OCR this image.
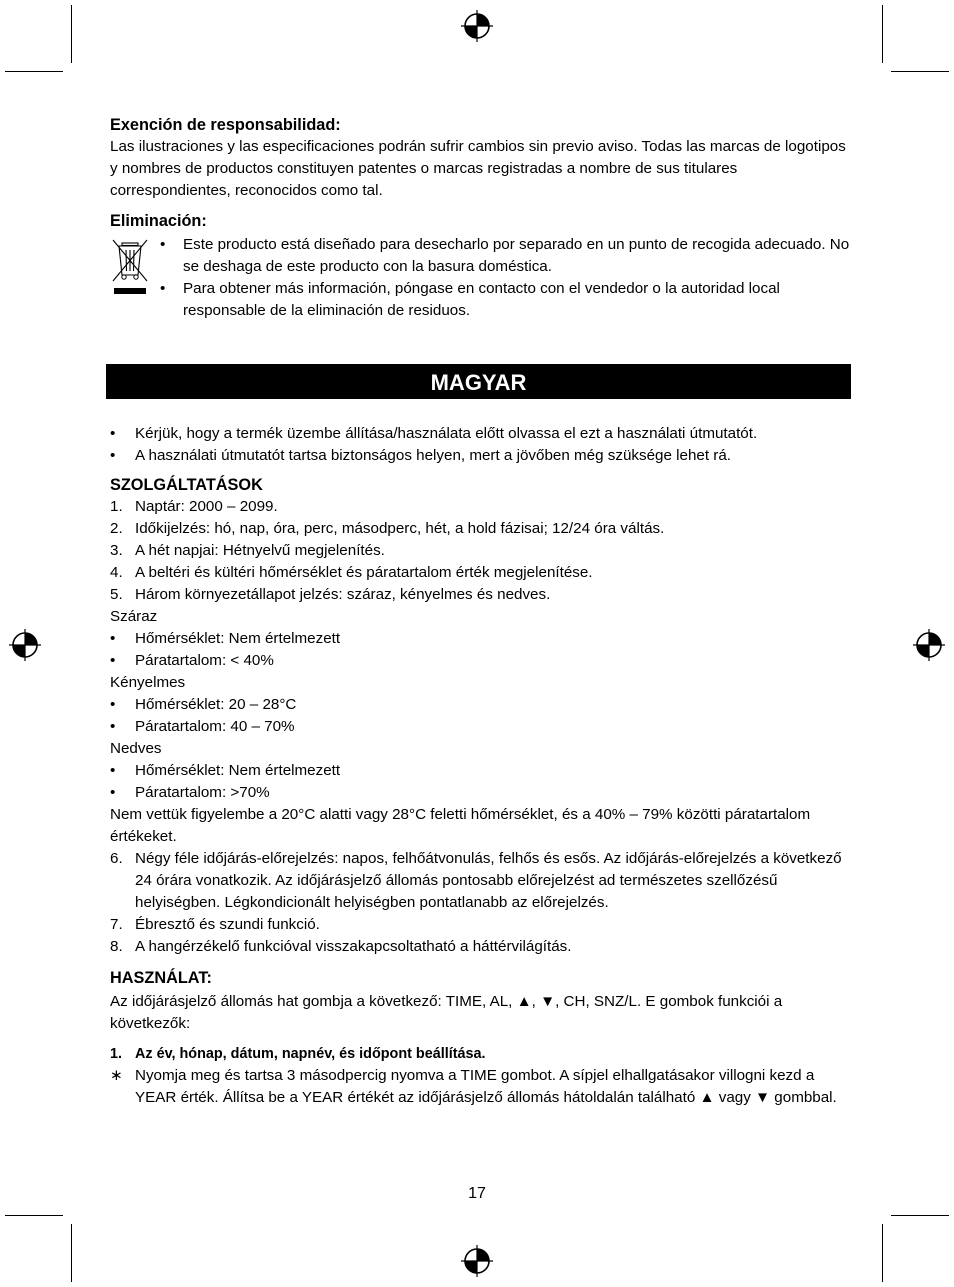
Exención de responsabilidad:

Las ilustraciones y las especificaciones podrán sufrir cambios sin previo aviso. Todas las marcas de logotipos y nombres de productos constituyen patentes o marcas registradas a nombre de sus titulares correspondientes, reconocidos como tal.

Eliminación:
• Este producto está diseñado para desecharlo por separado en un punto de recogida adecuado. No se deshaga de este producto con la basura doméstica.
• Para obtener más información, póngase en contacto con el vendedor o la autoridad local responsable de la eliminación de residuos.
MAGYAR
• Kérjük, hogy a termék üzembe állítása/használata előtt olvassa el ezt a használati útmutatót.
• A használati útmutatót tartsa biztonságos helyen, mert a jövőben még szüksége lehet rá.
SZOLGÁLTATÁSOK
1. Naptár: 2000 – 2099.
2. Időkijelzés: hó, nap, óra, perc, másodperc, hét, a hold fázisai; 12/24 óra váltás.
3. A hét napjai: Hétnyelvű megjelenítés.
4. A beltéri és kültéri hőmérséklet és páratartalom érték megjelenítése.
5. Három környezetállapot jelzés: száraz, kényelmes és nedves.

Száraz

• Hőmérséklet: Nem értelmezett
• Páratartalom: < 40%

Kényelmes

• Hőmérséklet: 20 – 28°C
• Páratartalom: 40 – 70%

Nedves

• Hőmérséklet: Nem értelmezett
• Páratartalom: >70%

Nem vettük figyelembe a 20°C alatti vagy 28°C feletti hőmérséklet, és a 40% – 79% közötti páratartalom értékeket.

6. Négy féle időjárás-előrejelzés: napos, felhőátvonulás, felhős és esős. Az időjárás-előrejelzés a következő 24 órára vonatkozik. Az időjárásjelző állomás pontosabb előrejelzést ad természetes szellőzésű helyiségben. Légkondicionált helyiségben pontatlanabb az előrejelzés.
7. Ébresztő és szundi funkció.
8. A hangérzékelő funkcióval visszakapcsoltatható a háttérvilágítás.
HASZNÁLAT:

Az időjárásjelző állomás hat gombja a következő: TIME, AL, ▲, ▼, CH, SNZ/L. E gombok funkciói a következők:

1. Az év, hónap, dátum, napnév, és időpont beállítása.
∗ Nyomja meg és tartsa 3 másodpercig nyomva a TIME gombot. A sípjel elhallgatásakor villogni kezd a YEAR érték. Állítsa be a YEAR értékét az időjárásjelző állomás hátoldalán található ▲ vagy ▼ gombbal.
17
